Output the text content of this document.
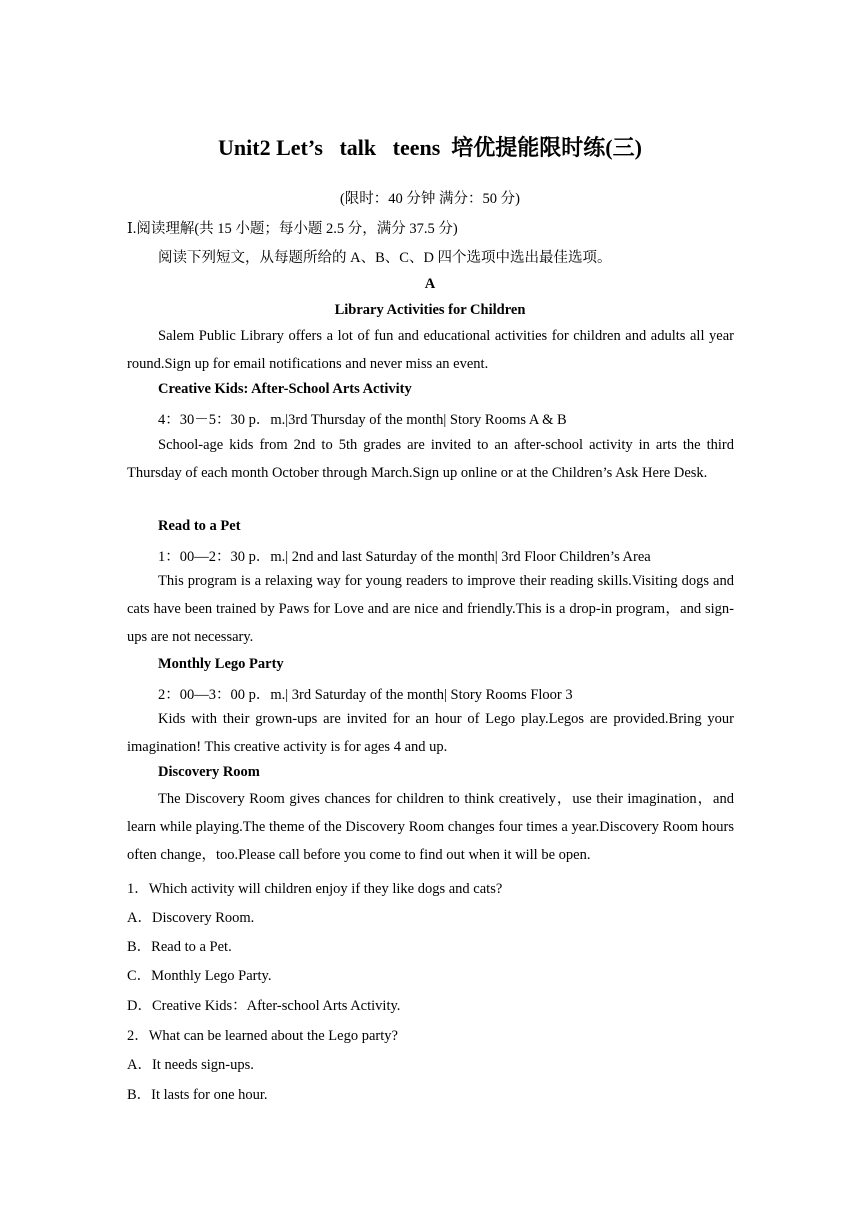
Unit2 Let’s   talk   teens  培优提能限时练(三)
(限时：40 分钟 满分：50 分)
Ⅰ.阅读理解(共 15 小题；每小题 2.5 分，满分 37.5 分)
阅读下列短文，从每题所给的 A、B、C、D 四个选项中选出最佳选项。
A
Library Activities for Children
Salem Public Library offers a lot of fun and educational activities for children and adults all year round.Sign up for email notifications and never miss an event.
Creative Kids: After-School Arts Activity
4：30－5：30 p．m.|3rd Thursday of the month| Story Rooms A & B
School-age kids from 2nd to 5th grades are invited to an after-school activity in arts the third Thursday of each month October through March.Sign up online or at the Children’s Ask Here Desk.
Read to a Pet
1：00—2：30 p．m.| 2nd and last Saturday of the month| 3rd Floor Children’s Area
This program is a relaxing way for young readers to improve their reading skills.Visiting dogs and cats have been trained by Paws for Love and are nice and friendly.This is a drop-in program，and sign-ups are not necessary.
Monthly Lego Party
2：00—3：00 p．m.| 3rd Saturday of the month| Story Rooms Floor 3
Kids with their grown-ups are invited for an hour of Lego play.Legos are provided.Bring your imagination! This creative activity is for ages 4 and up.
Discovery Room
The Discovery Room gives chances for children to think creatively，use their imagination，and learn while playing.The theme of the Discovery Room changes four times a year.Discovery Room hours often change，too.Please call before you come to find out when it will be open.
1．Which activity will children enjoy if they like dogs and cats?
A．Discovery Room.
B．Read to a Pet.
C．Monthly Lego Party.
D．Creative Kids：After-school Arts Activity.
2．What can be learned about the Lego party?
A．It needs sign-ups.
B．It lasts for one hour.
